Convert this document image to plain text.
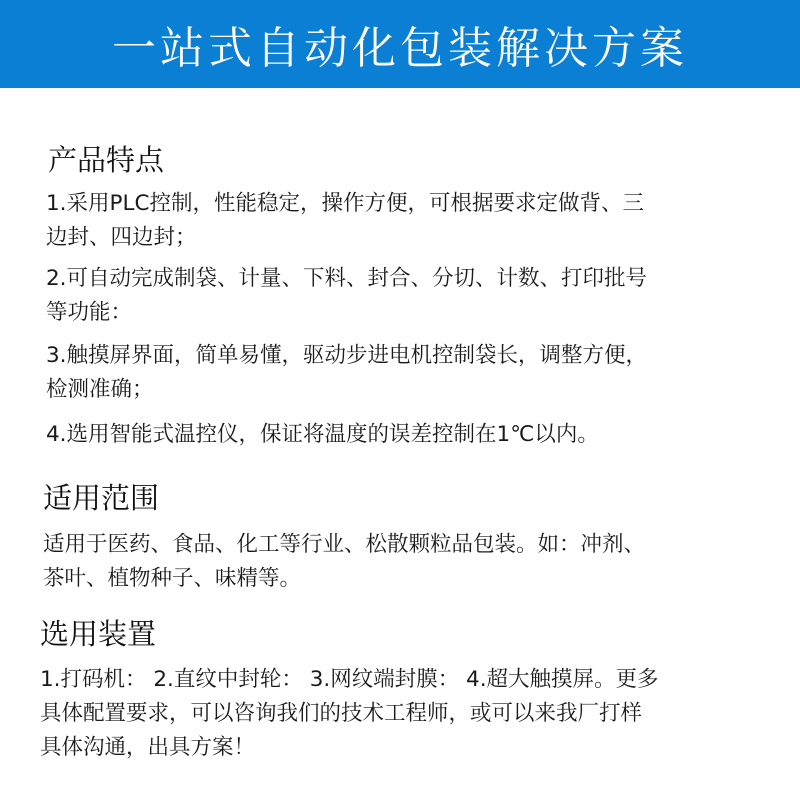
一站式自动化包装解决方案
产品特点
1.采用PLC控制，性能稳定，操作方便，可根据要求定做背、三
边封、四边封；
2.可自动完成制袋、计量、下料、封合、分切、计数、打印批号
等功能：
3.触摸屏界面，简单易懂，驱动步进电机控制袋长，调整方便，
检测准确；
4.选用智能式温控仪，保证将温度的误差控制在1℃以内。
适用范围
适用于医药、食品、化工等行业、松散颗粒品包装。如：冲剂、
茶叶、植物种子、味精等。
选用装置
1.打码机： 2.直纹中封轮： 3.网纹端封膜： 4.超大触摸屏。更多
具体配置要求，可以咨询我们的技术工程师，或可以来我厂打样
具体沟通，出具方案！
